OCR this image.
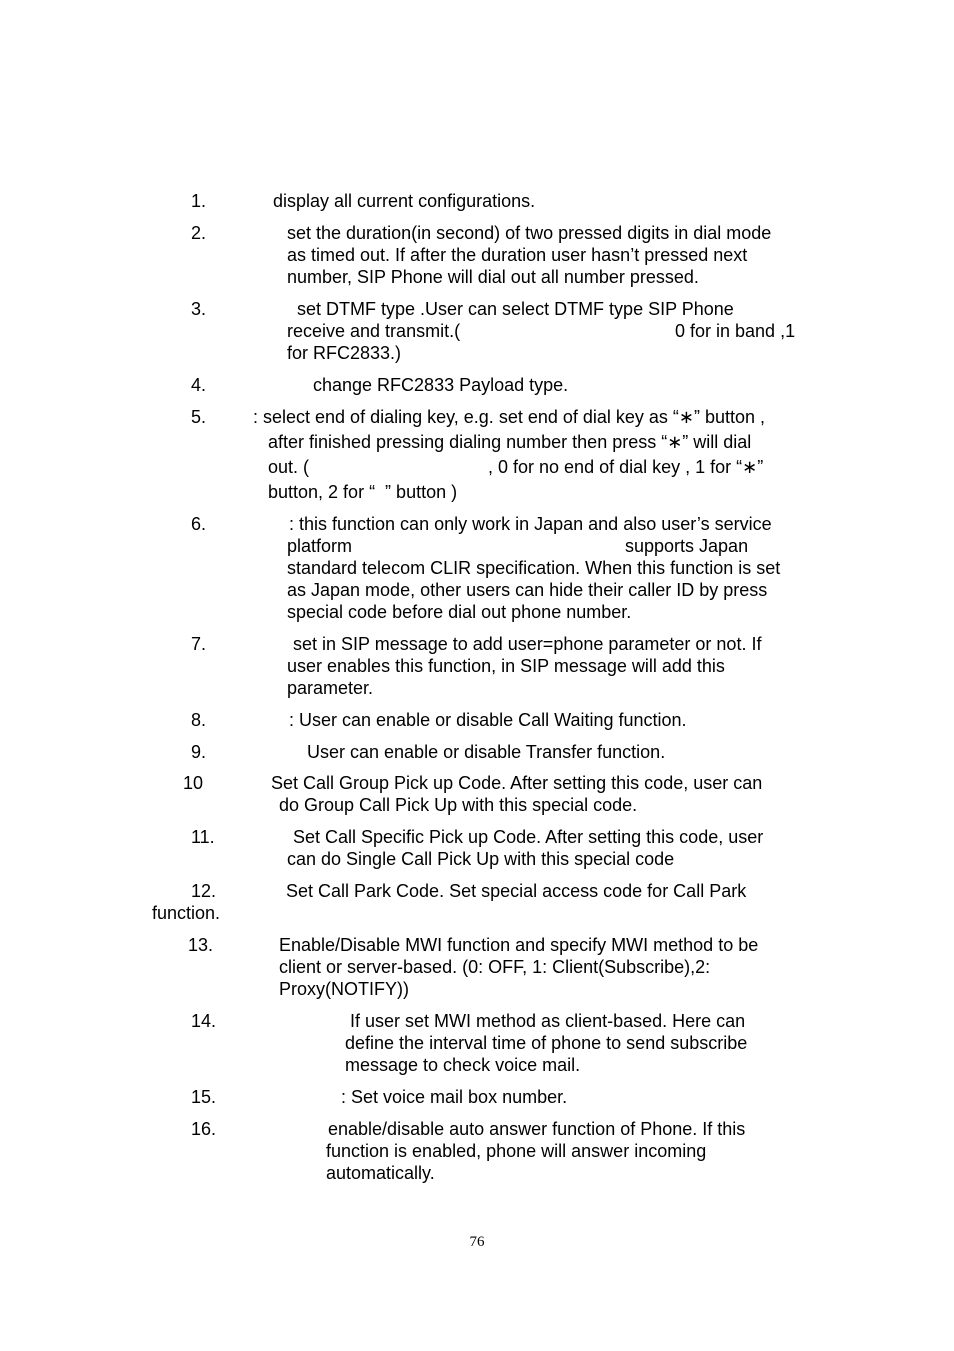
1.	display all current configurations.
2.	set the duration(in second) of two pressed digits in dial mode
as timed out. If after the duration user hasn’t pressed next
number, SIP Phone will dial out all number pressed.
3.	set DTMF type .User can select DTMF type SIP Phone
receive and transmit.(	0 for in band ,1
for RFC2833.)
4.	change RFC2833 Payload type.
5.	: select end of dialing key, e.g. set end of dial key as “∗” button ,
after finished pressing dialing number then press “∗” will dial
out. (	, 0 for no end of dial key , 1 for “∗”
button, 2 for “  ” button )
6.	: this function can only work in Japan and also user’s service
platform	supports Japan
standard telecom CLIR specification. When this function is set
as Japan mode, other users can hide their caller ID by press
special code before dial out phone number.
7.	set in SIP message to add user=phone parameter or not. If
user enables this function, in SIP message will add this
parameter.
8.	: User can enable or disable Call Waiting function.
9.	User can enable or disable Transfer function.
10	Set Call Group Pick up Code. After setting this code, user can
do Group Call Pick Up with this special code.
11.	Set Call Specific Pick up Code. After setting this code, user
can do Single Call Pick Up with this special code
12.	Set Call Park Code. Set special access code for Call Park
function.
13.	Enable/Disable MWI function and specify MWI method to be
client or server-based. (0: OFF, 1: Client(Subscribe),2:
Proxy(NOTIFY))
14.	If user set MWI method as client-based. Here can
define the interval time of phone to send subscribe
message to check voice mail.
15.	: Set voice mail box number.
16.	enable/disable auto answer function of Phone. If this
function is enabled, phone will answer incoming
automatically.
76
